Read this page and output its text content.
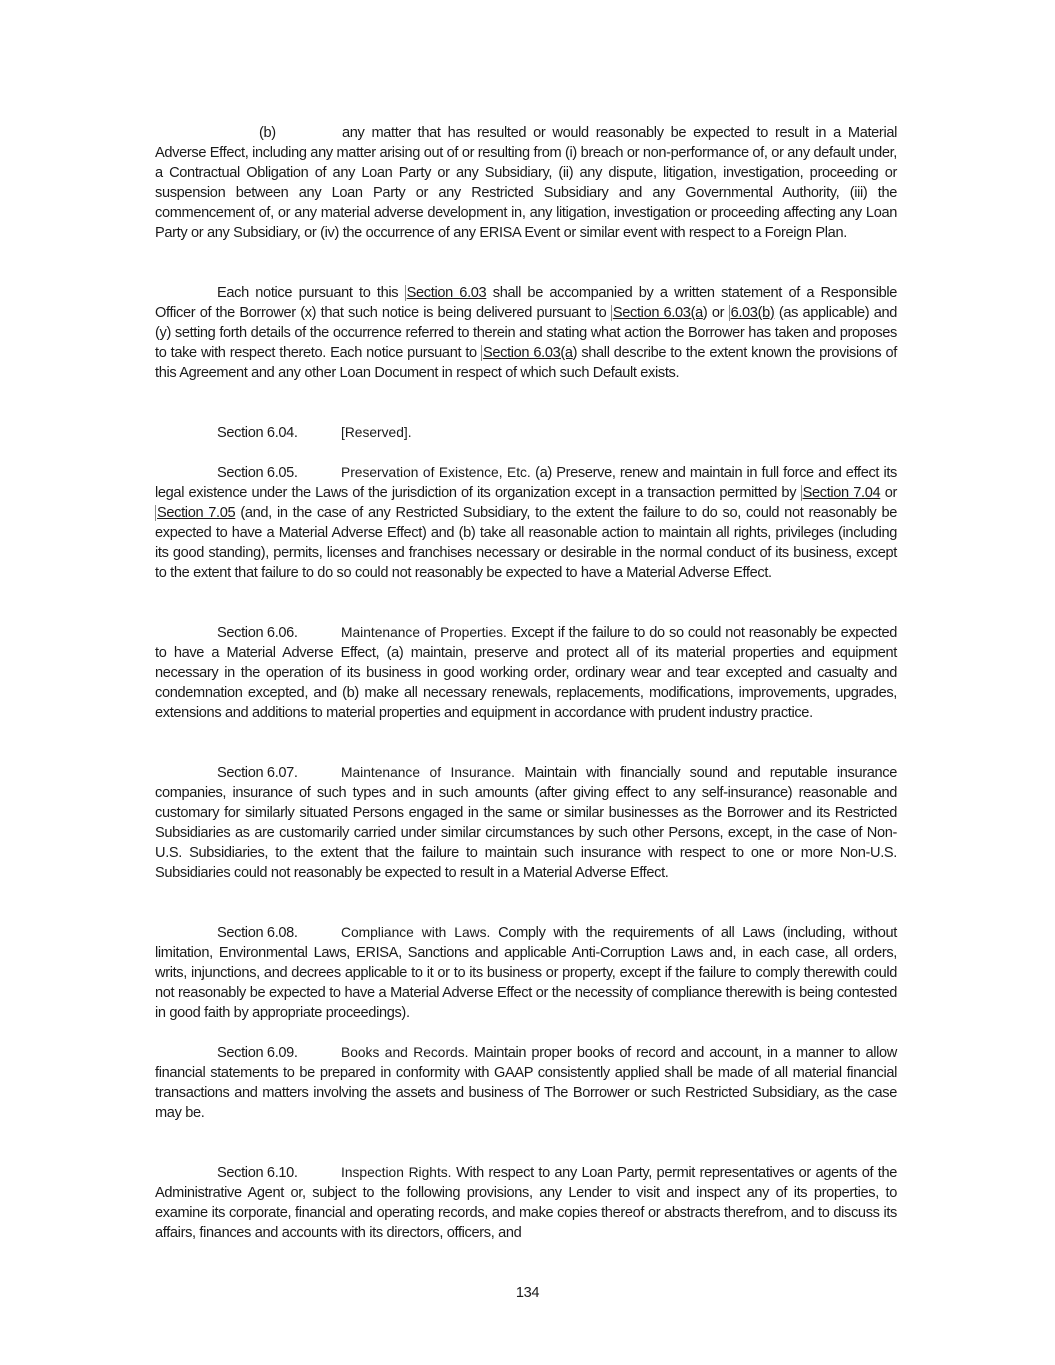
134

(b)	any matter that has resulted or would reasonably be expected to result in a Material Adverse Effect, including any matter arising out of or resulting from (i) breach or non-performance of, or any default under, a Contractual Obligation of any Loan Party or any Subsidiary, (ii) any dispute, litigation, investigation, proceeding or suspension between any Loan Party or any Restricted Subsidiary and any Governmental Authority, (iii) the commencement of, or any material adverse development in, any litigation, investigation or proceeding affecting any Loan Party or any Subsidiary, or (iv) the occurrence of any ERISA Event or similar event with respect to a Foreign Plan.

Each notice pursuant to this Section 6.03 shall be accompanied by a written statement of a Responsible Officer of the Borrower (x) that such notice is being delivered pursuant to Section 6.03(a) or 6.03(b) (as applicable) and (y) setting forth details of the occurrence referred to therein and stating what action the Borrower has taken and proposes to take with respect thereto. Each notice pursuant to Section 6.03(a) shall describe to the extent known the provisions of this Agreement and any other Loan Document in respect of which such Default exists.

Section 6.04.	[Reserved].

Section 6.05.	Preservation of Existence, Etc. (a) Preserve, renew and maintain in full force and effect its legal existence under the Laws of the jurisdiction of its organization except in a transaction permitted by Section 7.04 or Section 7.05 (and, in the case of any Restricted Subsidiary, to the extent the failure to do so, could not reasonably be expected to have a Material Adverse Effect) and (b) take all reasonable action to maintain all rights, privileges (including its good standing), permits, licenses and franchises necessary or desirable in the normal conduct of its business, except to the extent that failure to do so could not reasonably be expected to have a Material Adverse Effect.

Section 6.06.	Maintenance of Properties. Except if the failure to do so could not reasonably be expected to have a Material Adverse Effect, (a) maintain, preserve and protect all of its material properties and equipment necessary in the operation of its business in good working order, ordinary wear and tear excepted and casualty and condemnation excepted, and (b) make all necessary renewals, replacements, modifications, improvements, upgrades, extensions and additions to material properties and equipment in accordance with prudent industry practice.

Section 6.07.	Maintenance of Insurance. Maintain with financially sound and reputable insurance companies, insurance of such types and in such amounts (after giving effect to any self-insurance) reasonable and customary for similarly situated Persons engaged in the same or similar businesses as the Borrower and its Restricted Subsidiaries as are customarily carried under similar circumstances by such other Persons, except, in the case of Non-U.S. Subsidiaries, to the extent that the failure to maintain such insurance with respect to one or more Non-U.S. Subsidiaries could not reasonably be expected to result in a Material Adverse Effect.

Section 6.08.	Compliance with Laws. Comply with the requirements of all Laws (including, without limitation, Environmental Laws, ERISA, Sanctions and applicable Anti-Corruption Laws and, in each case, all orders, writs, injunctions, and decrees applicable to it or to its business or property, except if the failure to comply therewith could not reasonably be expected to have a Material Adverse Effect or the necessity of compliance therewith is being contested in good faith by appropriate proceedings).

Section 6.09.	Books and Records. Maintain proper books of record and account, in a manner to allow financial statements to be prepared in conformity with GAAP consistently applied shall be made of all material financial transactions and matters involving the assets and business of The Borrower or such Restricted Subsidiary, as the case may be.

Section 6.10.	Inspection Rights. With respect to any Loan Party, permit representatives or agents of the Administrative Agent or, subject to the following provisions, any Lender to visit and inspect any of its properties, to examine its corporate, financial and operating records, and make copies thereof or abstracts therefrom, and to discuss its affairs, finances and accounts with its directors, officers, and
